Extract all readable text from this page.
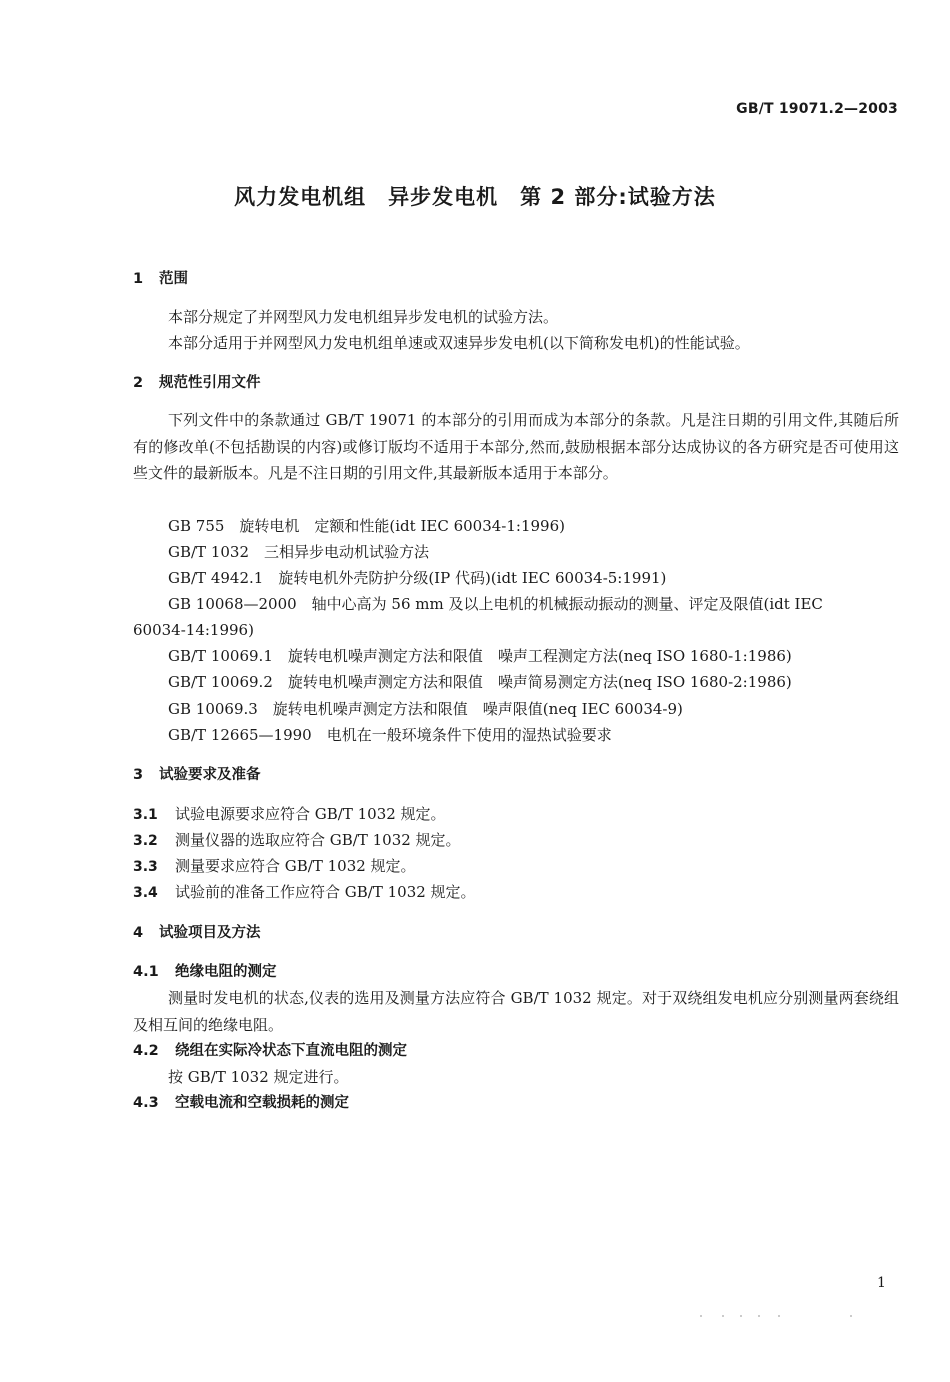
GB/T 19071.2—2003
风力发电机组　异步发电机　第 2 部分:试验方法
1 范围
本部分规定了并网型风力发电机组异步发电机的试验方法。
本部分适用于并网型风力发电机组单速或双速异步发电机(以下简称发电机)的性能试验。
2 规范性引用文件
下列文件中的条款通过 GB/T 19071 的本部分的引用而成为本部分的条款。凡是注日期的引用文件,其随后所有的修改单(不包括勘误的内容)或修订版均不适用于本部分,然而,鼓励根据本部分达成协议的各方研究是否可使用这些文件的最新版本。凡是不注日期的引用文件,其最新版本适用于本部分。
GB 755　旋转电机　定额和性能(idt IEC 60034-1:1996)
GB/T 1032　三相异步电动机试验方法
GB/T 4942.1　旋转电机外壳防护分级(IP 代码)(idt IEC 60034-5:1991)
GB 10068—2000　轴中心高为 56 mm 及以上电机的机械振动振动的测量、评定及限值(idt IEC
60034-14:1996)
GB/T 10069.1　旋转电机噪声测定方法和限值　噪声工程测定方法(neq ISO 1680-1:1986)
GB/T 10069.2　旋转电机噪声测定方法和限值　噪声简易测定方法(neq ISO 1680-2:1986)
GB 10069.3　旋转电机噪声测定方法和限值　噪声限值(neq IEC 60034-9)
GB/T 12665—1990　电机在一般环境条件下使用的湿热试验要求
3 试验要求及准备
3.1 试验电源要求应符合 GB/T 1032 规定。
3.2 测量仪器的选取应符合 GB/T 1032 规定。
3.3 测量要求应符合 GB/T 1032 规定。
3.4 试验前的准备工作应符合 GB/T 1032 规定。
4 试验项目及方法
4.1 绝缘电阻的测定
测量时发电机的状态,仪表的选用及测量方法应符合 GB/T 1032 规定。对于双绕组发电机应分别测量两套绕组及相互间的绝缘电阻。
4.2 绕组在实际冷状态下直流电阻的测定
按 GB/T 1032 规定进行。
4.3 空载电流和空载损耗的测定
1
